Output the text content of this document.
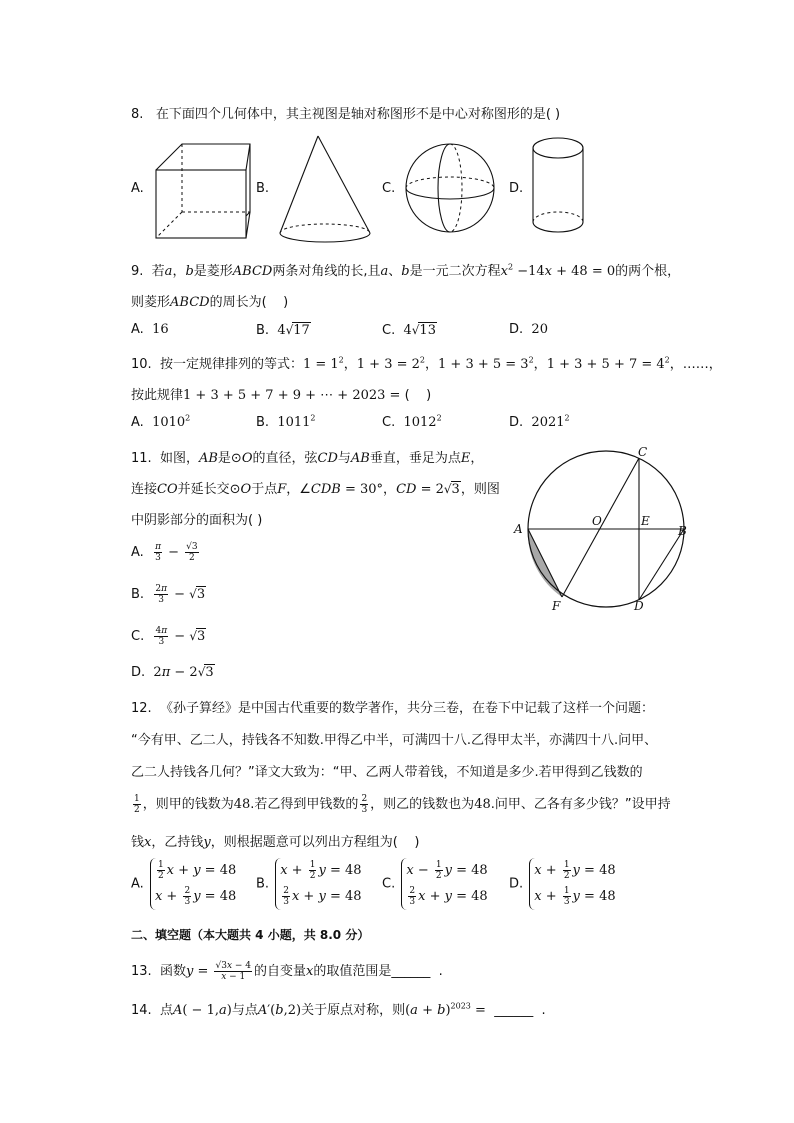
8. 在下面四个几何体中，其主视图是轴对称图形不是中心对称图形的是( )
A.	B.	C.	D.
9.  若a，b是菱形ABCD两条对角线的长,且a、b是一元二次方程$x^2 -14x + 48 = 0$的两个根，
则菱形ABCD的周长为(    )
A. 16	B. 4√17	C. 4√13	D. 20
10.  按一定规律排列的等式：$1 = 1^2$，$1 + 3 = 2^2$，$1 + 3 + 5 = 3^2$，$1 + 3 + 5 + 7 = 4^2$，……，
按此规律1 + 3 + 5 + 7 + 9 + ⋯ + 2023 = (    )
A. 1010$^2$	B. 1011$^2$	C. 1012$^2$	D. 2021$^2$
11.  如图，AB是⊙O的直径，弦CD与AB垂直，垂足为点E，
连接CO并延长交⊙O于点F，∠CDB = 30°，CD = 2√3，则图
中阴影部分的面积为( )
A. $\frac{\pi}{3} - \frac{√3}{2}$
B. $\frac{2\pi}{3} - √3$
C. $\frac{4\pi}{3} - √3$
D. 2π − 2√3
C
A
O	E
B
F	D
12. 《孙子算经》是中国古代重要的数学著作，共分三卷，在卷下中记载了这样一个问题：
“今有甲、乙二人，持钱各不知数.甲得乙中半，可满四十八.乙得甲太半，亦满四十八.问甲、
乙二人持钱各几何？”译文大致为：“甲、乙两人带着钱，不知道是多少.若甲得到乙钱数的
$\frac{1}{2}$ ，则甲的钱数为48.若乙得到甲钱数的 $\frac{2}{3}$ ，则乙的钱数也为48.问甲、乙各有多少钱？”设甲持
钱x，乙持钱y，则根据题意可以列出方程组为(    )
A.
$\frac{1}{2}$ x + y = 48
$x + \frac{2}{3}$ y = 48
B.
$x + \frac{1}{2}$ y = 48
$\frac{2}{3}$ x + y = 48
C.
$x - \frac{1}{2}$ y = 48
$\frac{2}{3}$ x + y = 48
D.
$x + \frac{1}{2}$ y = 48
$x + \frac{1}{3}$ y = 48
二、填空题（本大题共 4 小题，共 8.0 分）
13.  函数$y = \frac{√3x - 4}{x - 1}$ 的自变量x的取值范围是______ .
14.  点A( − 1,a)与点A′(b,2)关于原点对称，则$(a + b)^{2023}$ =  ______ .
